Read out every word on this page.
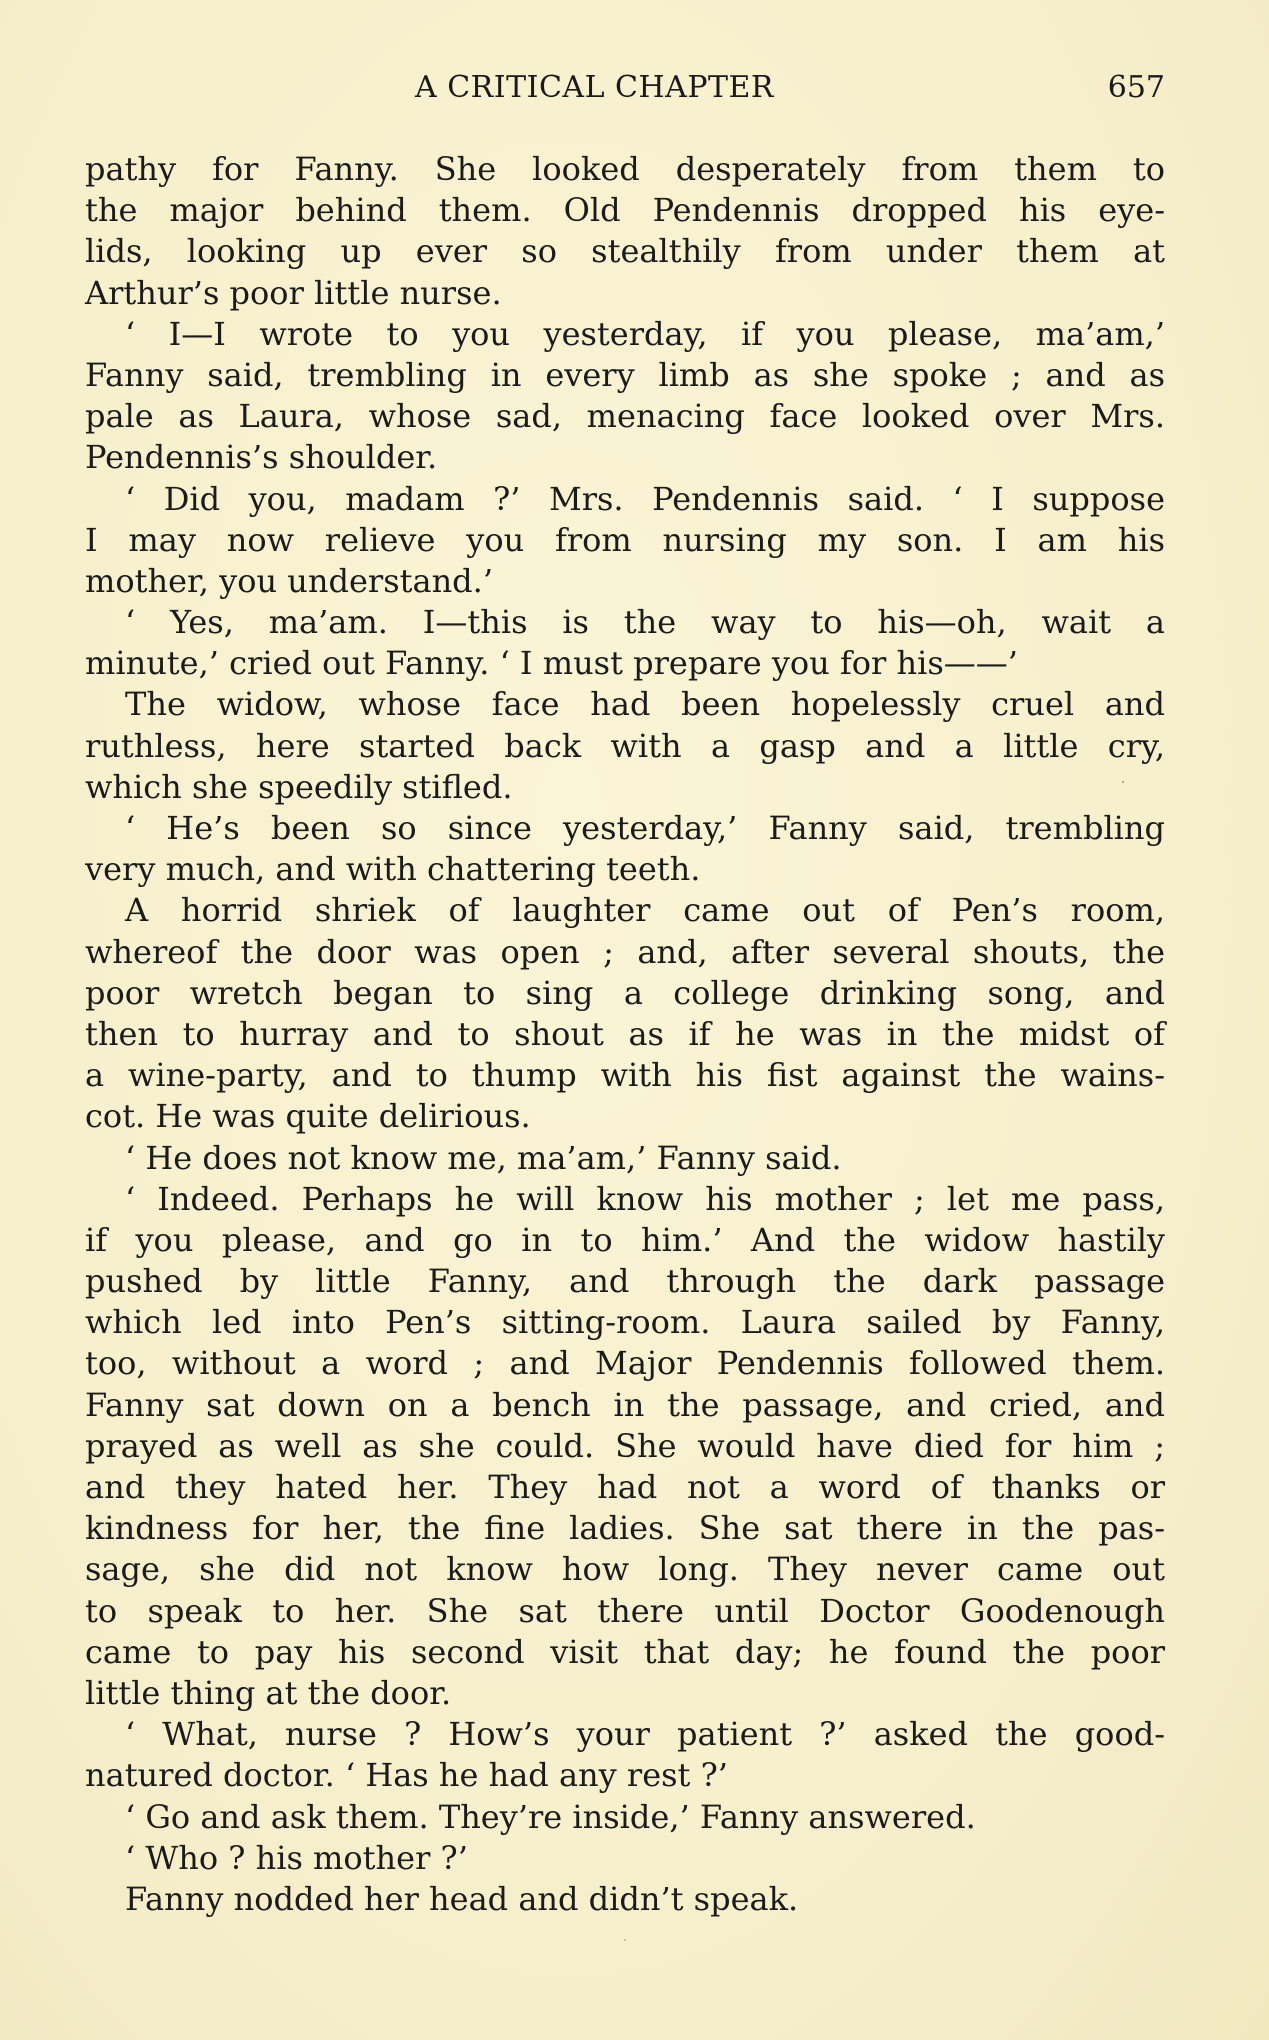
A CRITICAL CHAPTER	657
pathy for Fanny. She looked desperately from them to
the major behind them. Old Pendennis dropped his eye-
lids, looking up ever so stealthily from under them at
Arthur’s poor little nurse.
‘ I—I wrote to you yesterday, if you please, ma’am,’
Fanny said, trembling in every limb as she spoke ; and as
pale as Laura, whose sad, menacing face looked over Mrs.
Pendennis’s shoulder.
‘ Did you, madam ?’ Mrs. Pendennis said. ‘ I suppose
I may now relieve you from nursing my son. I am his
mother, you understand.’
‘ Yes, ma’am. I—this is the way to his—oh, wait a
minute,’ cried out Fanny. ‘ I must prepare you for his——’
The widow, whose face had been hopelessly cruel and
ruthless, here started back with a gasp and a little cry,
which she speedily stifled.
‘ He’s been so since yesterday,’ Fanny said, trembling
very much, and with chattering teeth.
A horrid shriek of laughter came out of Pen’s room,
whereof the door was open ; and, after several shouts, the
poor wretch began to sing a college drinking song, and
then to hurray and to shout as if he was in the midst of
a wine-party, and to thump with his fist against the wains-
cot. He was quite delirious.
‘ He does not know me, ma’am,’ Fanny said.
‘ Indeed. Perhaps he will know his mother ; let me pass,
if you please, and go in to him.’ And the widow hastily
pushed by little Fanny, and through the dark passage
which led into Pen’s sitting-room. Laura sailed by Fanny,
too, without a word ; and Major Pendennis followed them.
Fanny sat down on a bench in the passage, and cried, and
prayed as well as she could. She would have died for him ;
and they hated her. They had not a word of thanks or
kindness for her, the fine ladies. She sat there in the pas-
sage, she did not know how long. They never came out
to speak to her. She sat there until Doctor Goodenough
came to pay his second visit that day; he found the poor
little thing at the door.
‘ What, nurse ? How’s your patient ?’ asked the good-
natured doctor. ‘ Has he had any rest ?’
‘ Go and ask them. They’re inside,’ Fanny answered.
‘ Who ? his mother ?’
Fanny nodded her head and didn’t speak.
